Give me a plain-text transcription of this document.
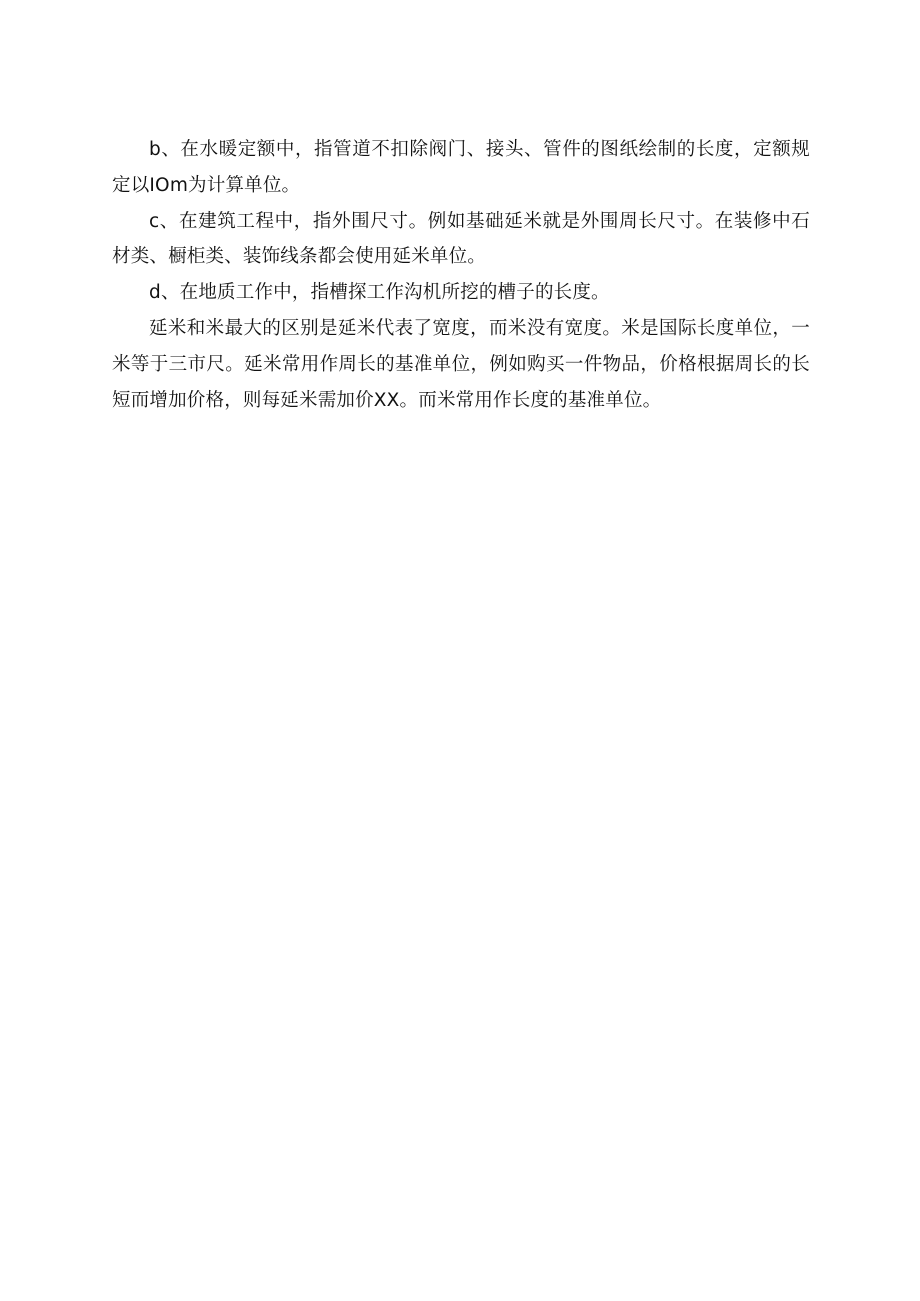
b、在水暖定额中，指管道不扣除阀门、接头、管件的图纸绘制的长度，定额规定以IOm为计算单位。

c、在建筑工程中，指外围尺寸。例如基础延米就是外围周长尺寸。在装修中石材类、橱柜类、装饰线条都会使用延米单位。

d、在地质工作中，指槽探工作沟机所挖的槽子的长度。

延米和米最大的区别是延米代表了宽度，而米没有宽度。米是国际长度单位，一米等于三市尺。延米常用作周长的基准单位，例如购买一件物品，价格根据周长的长短而增加价格，则每延米需加价XX。而米常用作长度的基准单位。
